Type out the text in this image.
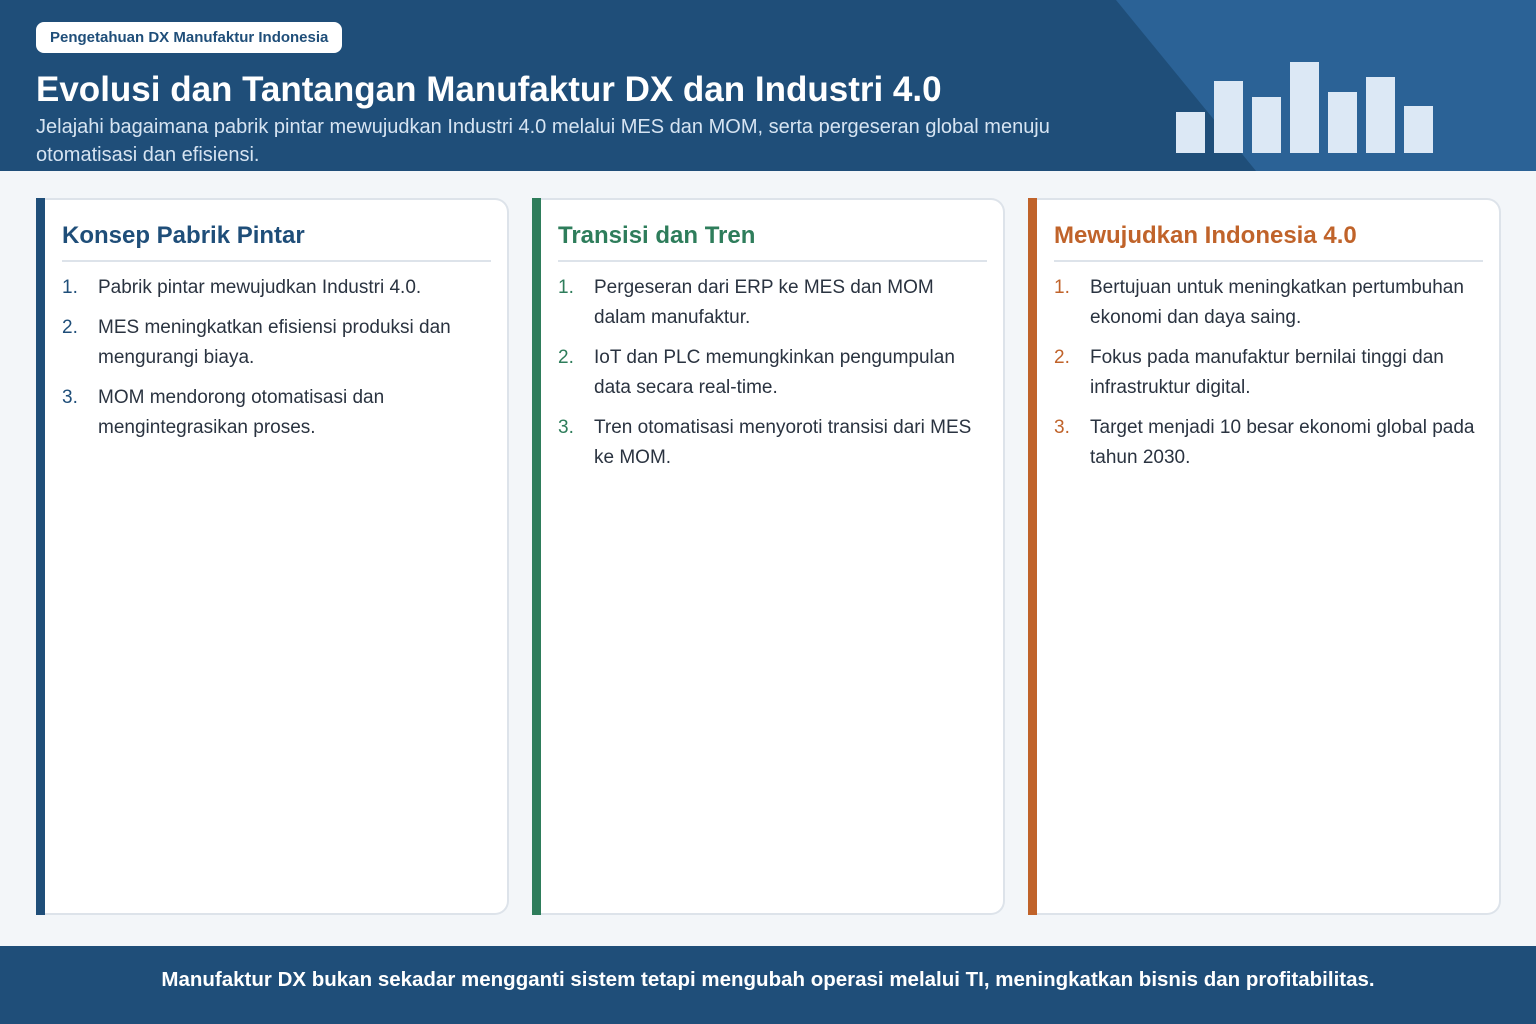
Pengetahuan DX Manufaktur Indonesia
Evolusi dan Tantangan Manufaktur DX dan Industri 4.0

Jelajahi bagaimana pabrik pintar mewujudkan Industri 4.0 melalui MES dan MOM, serta pergeseran global menuju otomatisasi dan efisiensi.

Konsep Pabrik Pintar
1. Pabrik pintar mewujudkan Industri 4.0.
2. MES meningkatkan efisiensi produksi dan mengurangi biaya.
3. MOM mendorong otomatisasi dan mengintegrasikan proses.
Transisi dan Tren
1. Pergeseran dari ERP ke MES dan MOM dalam manufaktur.
2. IoT dan PLC memungkinkan pengumpulan data secara real-time.
3. Tren otomatisasi menyoroti transisi dari MES ke MOM.
Mewujudkan Indonesia 4.0
1. Bertujuan untuk meningkatkan pertumbuhan ekonomi dan daya saing.
2. Fokus pada manufaktur bernilai tinggi dan infrastruktur digital.
3. Target menjadi 10 besar ekonomi global pada tahun 2030.

Manufaktur DX bukan sekadar mengganti sistem tetapi mengubah operasi melalui TI, meningkatkan bisnis dan profitabilitas.
